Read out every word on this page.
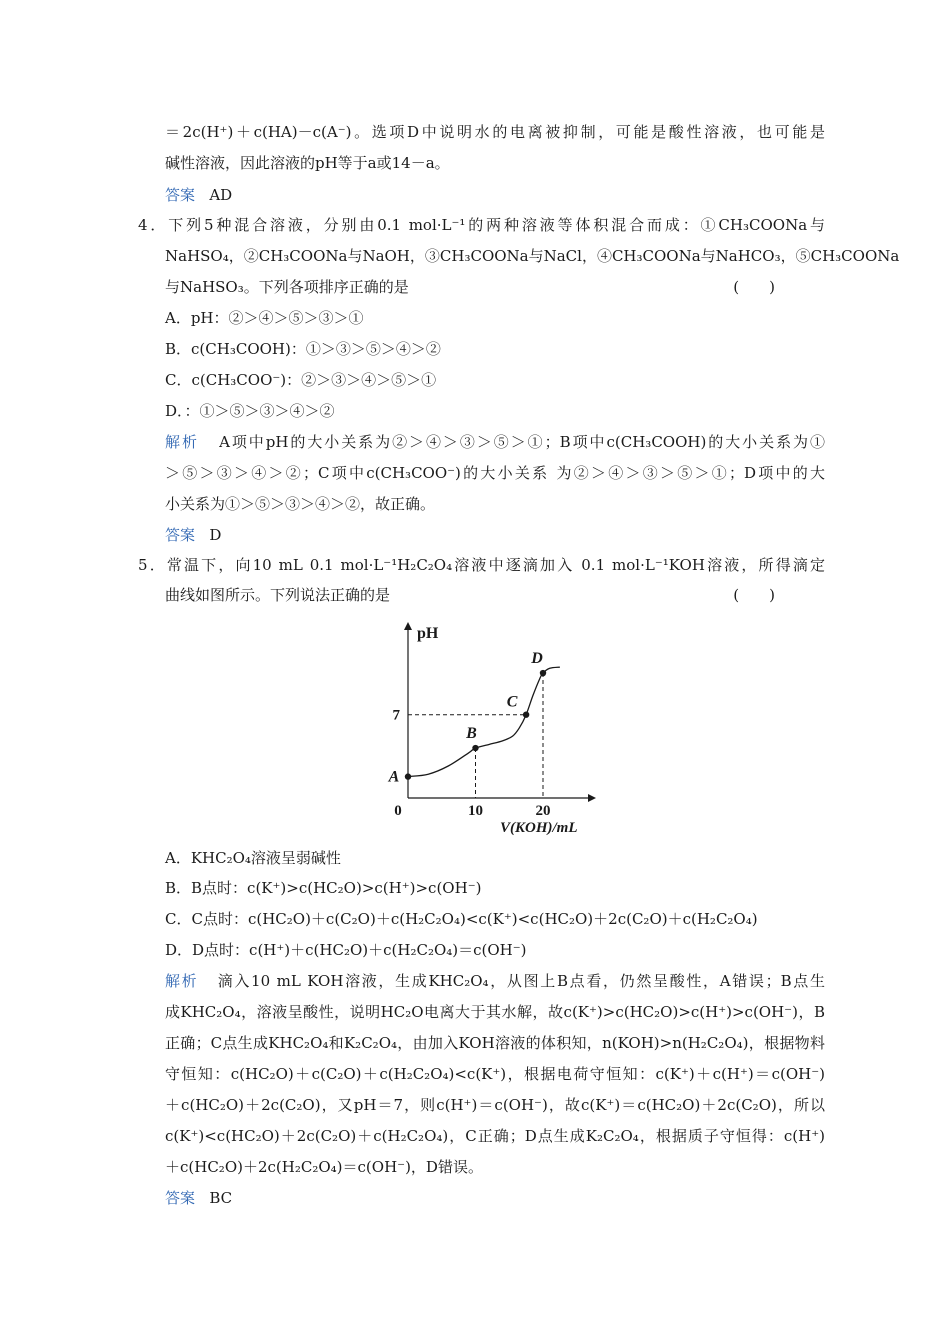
＝2c(H⁺)＋c(HA)－c(A⁻)。选项D中说明水的电离被抑制，可能是酸性溶液，也可能是
碱性溶液，因此溶液的pH等于a或14－a。
答案 AD
4．下列5种混合溶液，分别由0.1 mol·L⁻¹的两种溶液等体积混合而成：①CH₃COONa与
NaHSO₄，②CH₃COONa与NaOH，③CH₃COONa与NaCl，④CH₃COONa与NaHCO₃，⑤CH₃COONa
与NaHSO₃。下列各项排序正确的是	(　　)
A．pH：②＞④＞⑤＞③＞①
B．c(CH₃COOH)：①＞③＞⑤＞④＞②
C．c(CH₃COO⁻)：②＞③＞④＞⑤＞①
D．：①＞⑤＞③＞④＞②
解析 A项中pH的大小关系为②＞④＞③＞⑤＞①；B项中c(CH₃COOH)的大小关系为①
＞⑤＞③＞④＞②；C项中c(CH₃COO⁻)的大小关系 为②＞④＞③＞⑤＞①；D项中的大
小关系为①＞⑤＞③＞④＞②，故正确。
答案 D
5．常温下，向10 mL 0.1 mol·L⁻¹H₂C₂O₄溶液中逐滴加入 0.1 mol·L⁻¹KOH溶液，所得滴定
曲线如图所示。下列说法正确的是	(　　)
pH
V(KOH)/mL
0	10	20
7
A
B
C
D
A．KHC₂O₄溶液呈弱碱性
B．B点时：c(K⁺)>c(HC₂O)>c(H⁺)>c(OH⁻)
C．C点时：c(HC₂O)＋c(C₂O)＋c(H₂C₂O₄)<c(K⁺)<c(HC₂O)＋2c(C₂O)＋c(H₂C₂O₄)
D．D点时：c(H⁺)＋c(HC₂O)＋c(H₂C₂O₄)＝c(OH⁻)
解析 滴入10 mL KOH溶液，生成KHC₂O₄，从图上B点看，仍然呈酸性，A错误；B点生
成KHC₂O₄，溶液呈酸性，说明HC₂O电离大于其水解，故c(K⁺)>c(HC₂O)>c(H⁺)>c(OH⁻)，B
正确；C点生成KHC₂O₄和K₂C₂O₄，由加入KOH溶液的体积知，n(KOH)>n(H₂C₂O₄)，根据物料
守恒知：c(HC₂O)＋c(C₂O)＋c(H₂C₂O₄)<c(K⁺)，根据电荷守恒知：c(K⁺)＋c(H⁺)＝c(OH⁻)
＋c(HC₂O)＋2c(C₂O)，又pH＝7，则c(H⁺)＝c(OH⁻)，故c(K⁺)＝c(HC₂O)＋2c(C₂O)，所以
c(K⁺)<c(HC₂O)＋2c(C₂O)＋c(H₂C₂O₄)，C正确；D点生成K₂C₂O₄，根据质子守恒得：c(H⁺)
＋c(HC₂O)＋2c(H₂C₂O₄)＝c(OH⁻)，D错误。
答案 BC
